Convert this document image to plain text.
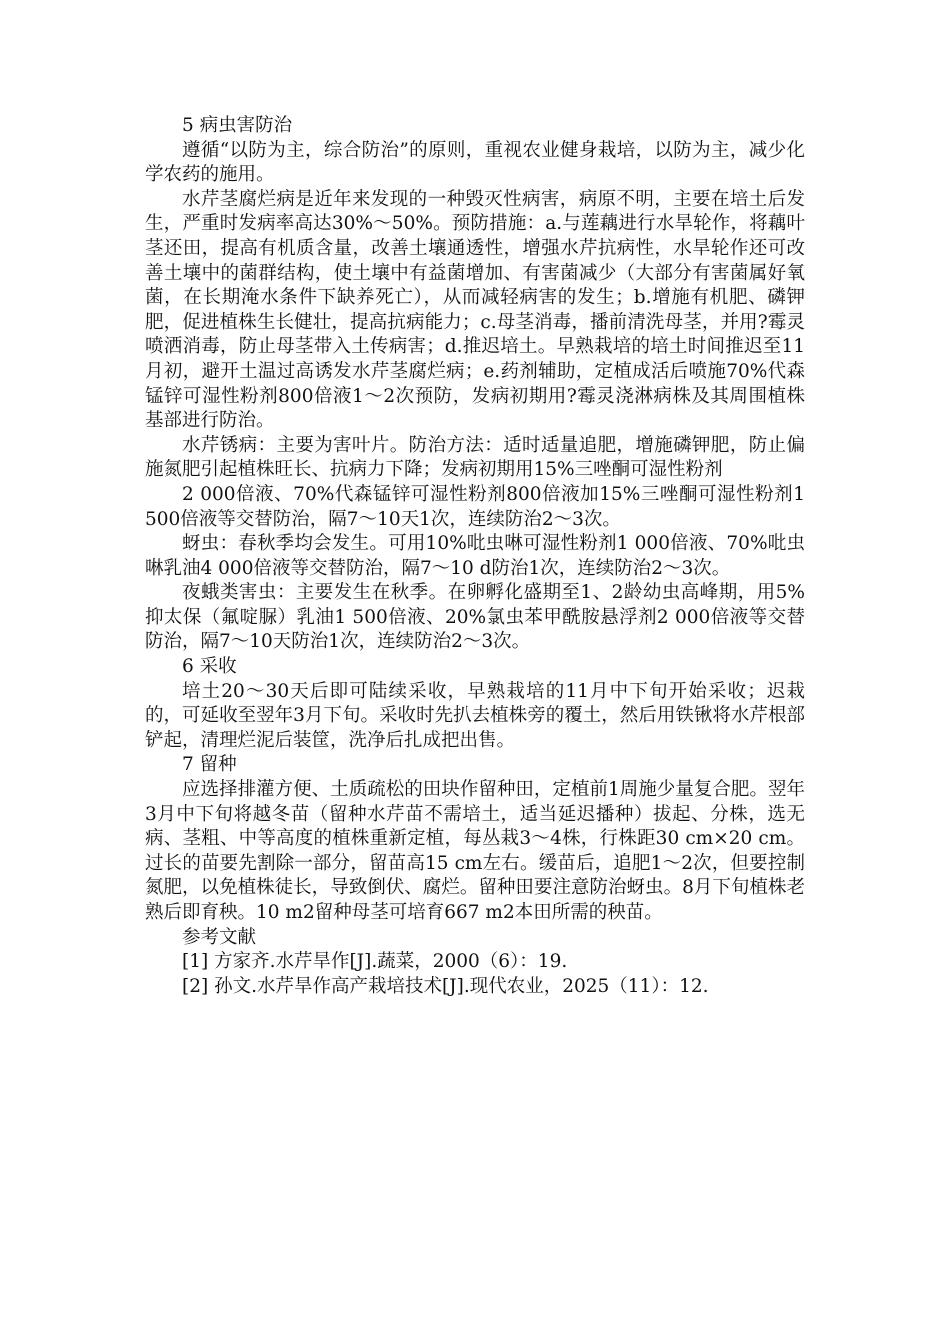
5 病虫害防治

遵循“以防为主，综合防治”的原则，重视农业健身栽培，以防为主，减少化学农药的施用。

水芹茎腐烂病是近年来发现的一种毁灭性病害，病原不明，主要在培土后发生，严重时发病率高达30%～50%。预防措施：a.与莲藕进行水旱轮作，将藕叶茎还田，提高有机质含量，改善土壤通透性，增强水芹抗病性，水旱轮作还可改善土壤中的菌群结构，使土壤中有益菌增加、有害菌减少（大部分有害菌属好氧菌，在长期淹水条件下缺养死亡），从而减轻病害的发生；b.增施有机肥、磷钾肥，促进植株生长健壮，提高抗病能力；c.母茎消毒，播前清洗母茎，并用?霉灵喷洒消毒，防止母茎带入土传病害；d.推迟培土。早熟栽培的培土时间推迟至11月初，避开土温过高诱发水芹茎腐烂病；e.药剂辅助，定植成活后喷施70%代森锰锌可湿性粉剂800倍液1～2次预防，发病初期用?霉灵浇淋病株及其周围植株基部进行防治。

水芹锈病：主要为害叶片。防治方法：适时适量追肥，增施磷钾肥，防止偏施氮肥引起植株旺长、抗病力下降；发病初期用15%三唑酮可湿性粉剂

2 000倍液、70%代森锰锌可湿性粉剂800倍液加15%三唑酮可湿性粉剂1 500倍液等交替防治，隔7～10天1次，连续防治2～3次。

蚜虫：春秋季均会发生。可用10%吡虫啉可湿性粉剂1 000倍液、70%吡虫啉乳油4 000倍液等交替防治，隔7～10 d防治1次，连续防治2～3次。

夜蛾类害虫：主要发生在秋季。在卵孵化盛期至1、2龄幼虫高峰期，用5%抑太保（氟啶脲）乳油1 500倍液、20%氯虫苯甲酰胺悬浮剂2 000倍液等交替防治，隔7～10天防治1次，连续防治2～3次。

6 采收

培土20～30天后即可陆续采收，早熟栽培的11月中下旬开始采收；迟栽的，可延收至翌年3月下旬。采收时先扒去植株旁的覆土，然后用铁锹将水芹根部铲起，清理烂泥后装筐，洗净后扎成把出售。

7 留种

应选择排灌方便、土质疏松的田块作留种田，定植前1周施少量复合肥。翌年3月中下旬将越冬苗（留种水芹苗不需培土，适当延迟播种）拔起、分株，选无病、茎粗、中等高度的植株重新定植，每丛栽3～4株，行株距30 cm×20 cm。过长的苗要先割除一部分，留苗高15 cm左右。缓苗后，追肥1～2次，但要控制氮肥，以免植株徒长，导致倒伏、腐烂。留种田要注意防治蚜虫。8月下旬植株老熟后即育秧。10 m2留种母茎可培育667 m2本田所需的秧苗。

参考文献

[1] 方家齐.水芹旱作[J].蔬菜，2000（6）：19.

[2] 孙文.水芹旱作高产栽培技术[J].现代农业，2025（11）：12.
